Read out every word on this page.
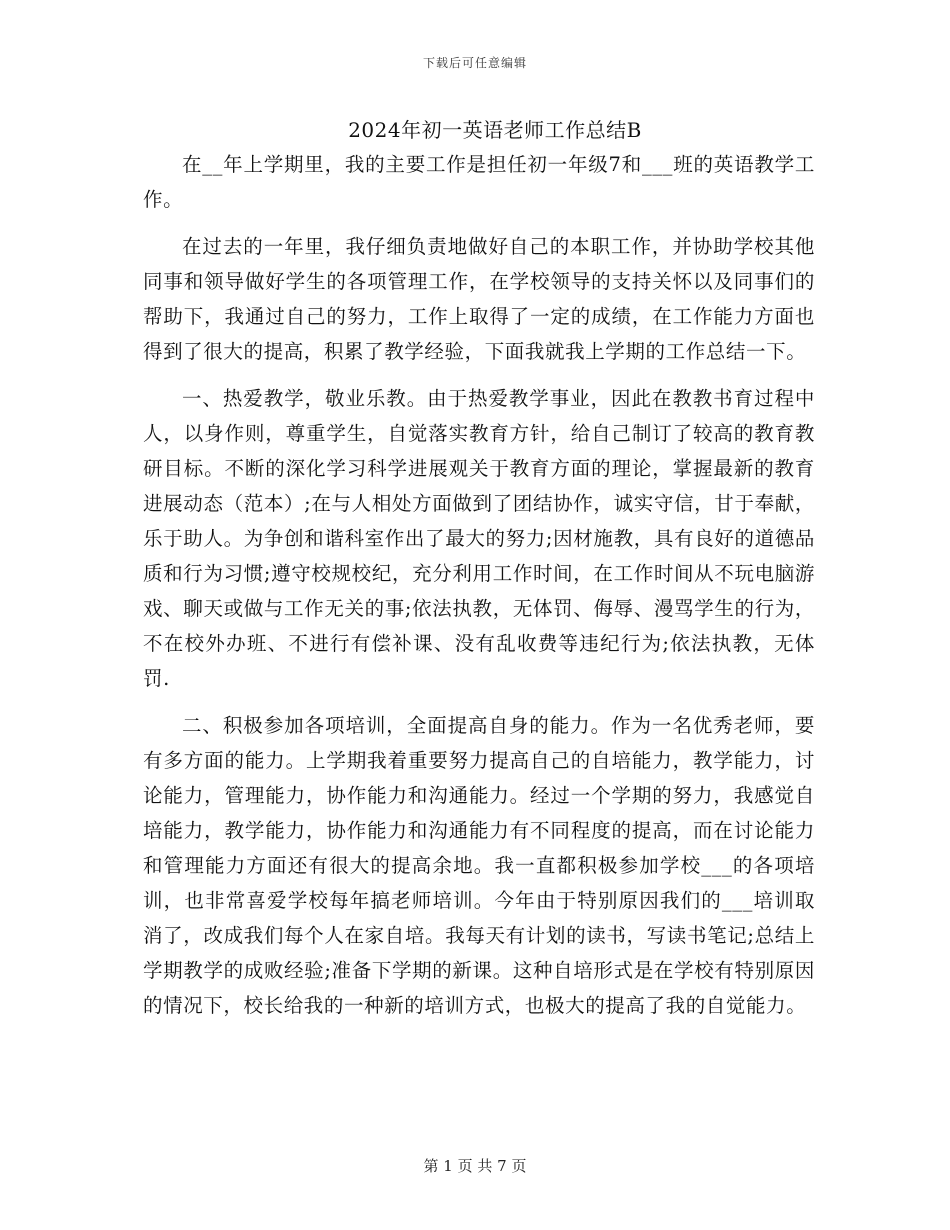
下载后可任意编辑
2024年初一英语老师工作总结B

在__年上学期里，我的主要工作是担任初一年级7和___班的英语教学工作。

在过去的一年里，我仔细负责地做好自己的本职工作，并协助学校其他同事和领导做好学生的各项管理工作，在学校领导的支持关怀以及同事们的帮助下，我通过自己的努力，工作上取得了一定的成绩，在工作能力方面也得到了很大的提高，积累了教学经验，下面我就我上学期的工作总结一下。

一、热爱教学，敬业乐教。由于热爱教学事业，因此在教教书育过程中人，以身作则，尊重学生，自觉落实教育方针，给自己制订了较高的教育教研目标。不断的深化学习科学进展观关于教育方面的理论，掌握最新的教育进展动态（范本）;在与人相处方面做到了团结协作，诚实守信，甘于奉献，乐于助人。为争创和谐科室作出了最大的努力;因材施教，具有良好的道德品质和行为习惯;遵守校规校纪，充分利用工作时间，在工作时间从不玩电脑游戏、聊天或做与工作无关的事;依法执教，无体罚、侮辱、漫骂学生的行为，不在校外办班、不进行有偿补课、没有乱收费等违纪行为;依法执教，无体罚.

二、积极参加各项培训，全面提高自身的能力。作为一名优秀老师，要有多方面的能力。上学期我着重要努力提高自己的自培能力，教学能力，讨论能力，管理能力，协作能力和沟通能力。经过一个学期的努力，我感觉自培能力，教学能力，协作能力和沟通能力有不同程度的提高，而在讨论能力和管理能力方面还有很大的提高余地。我一直都积极参加学校___的各项培训，也非常喜爱学校每年搞老师培训。今年由于特别原因我们的___培训取消了，改成我们每个人在家自培。我每天有计划的读书，写读书笔记;总结上学期教学的成败经验;准备下学期的新课。这种自培形式是在学校有特别原因的情况下，校长给我的一种新的培训方式，也极大的提高了我的自觉能力。

第 1 页 共 7 页
